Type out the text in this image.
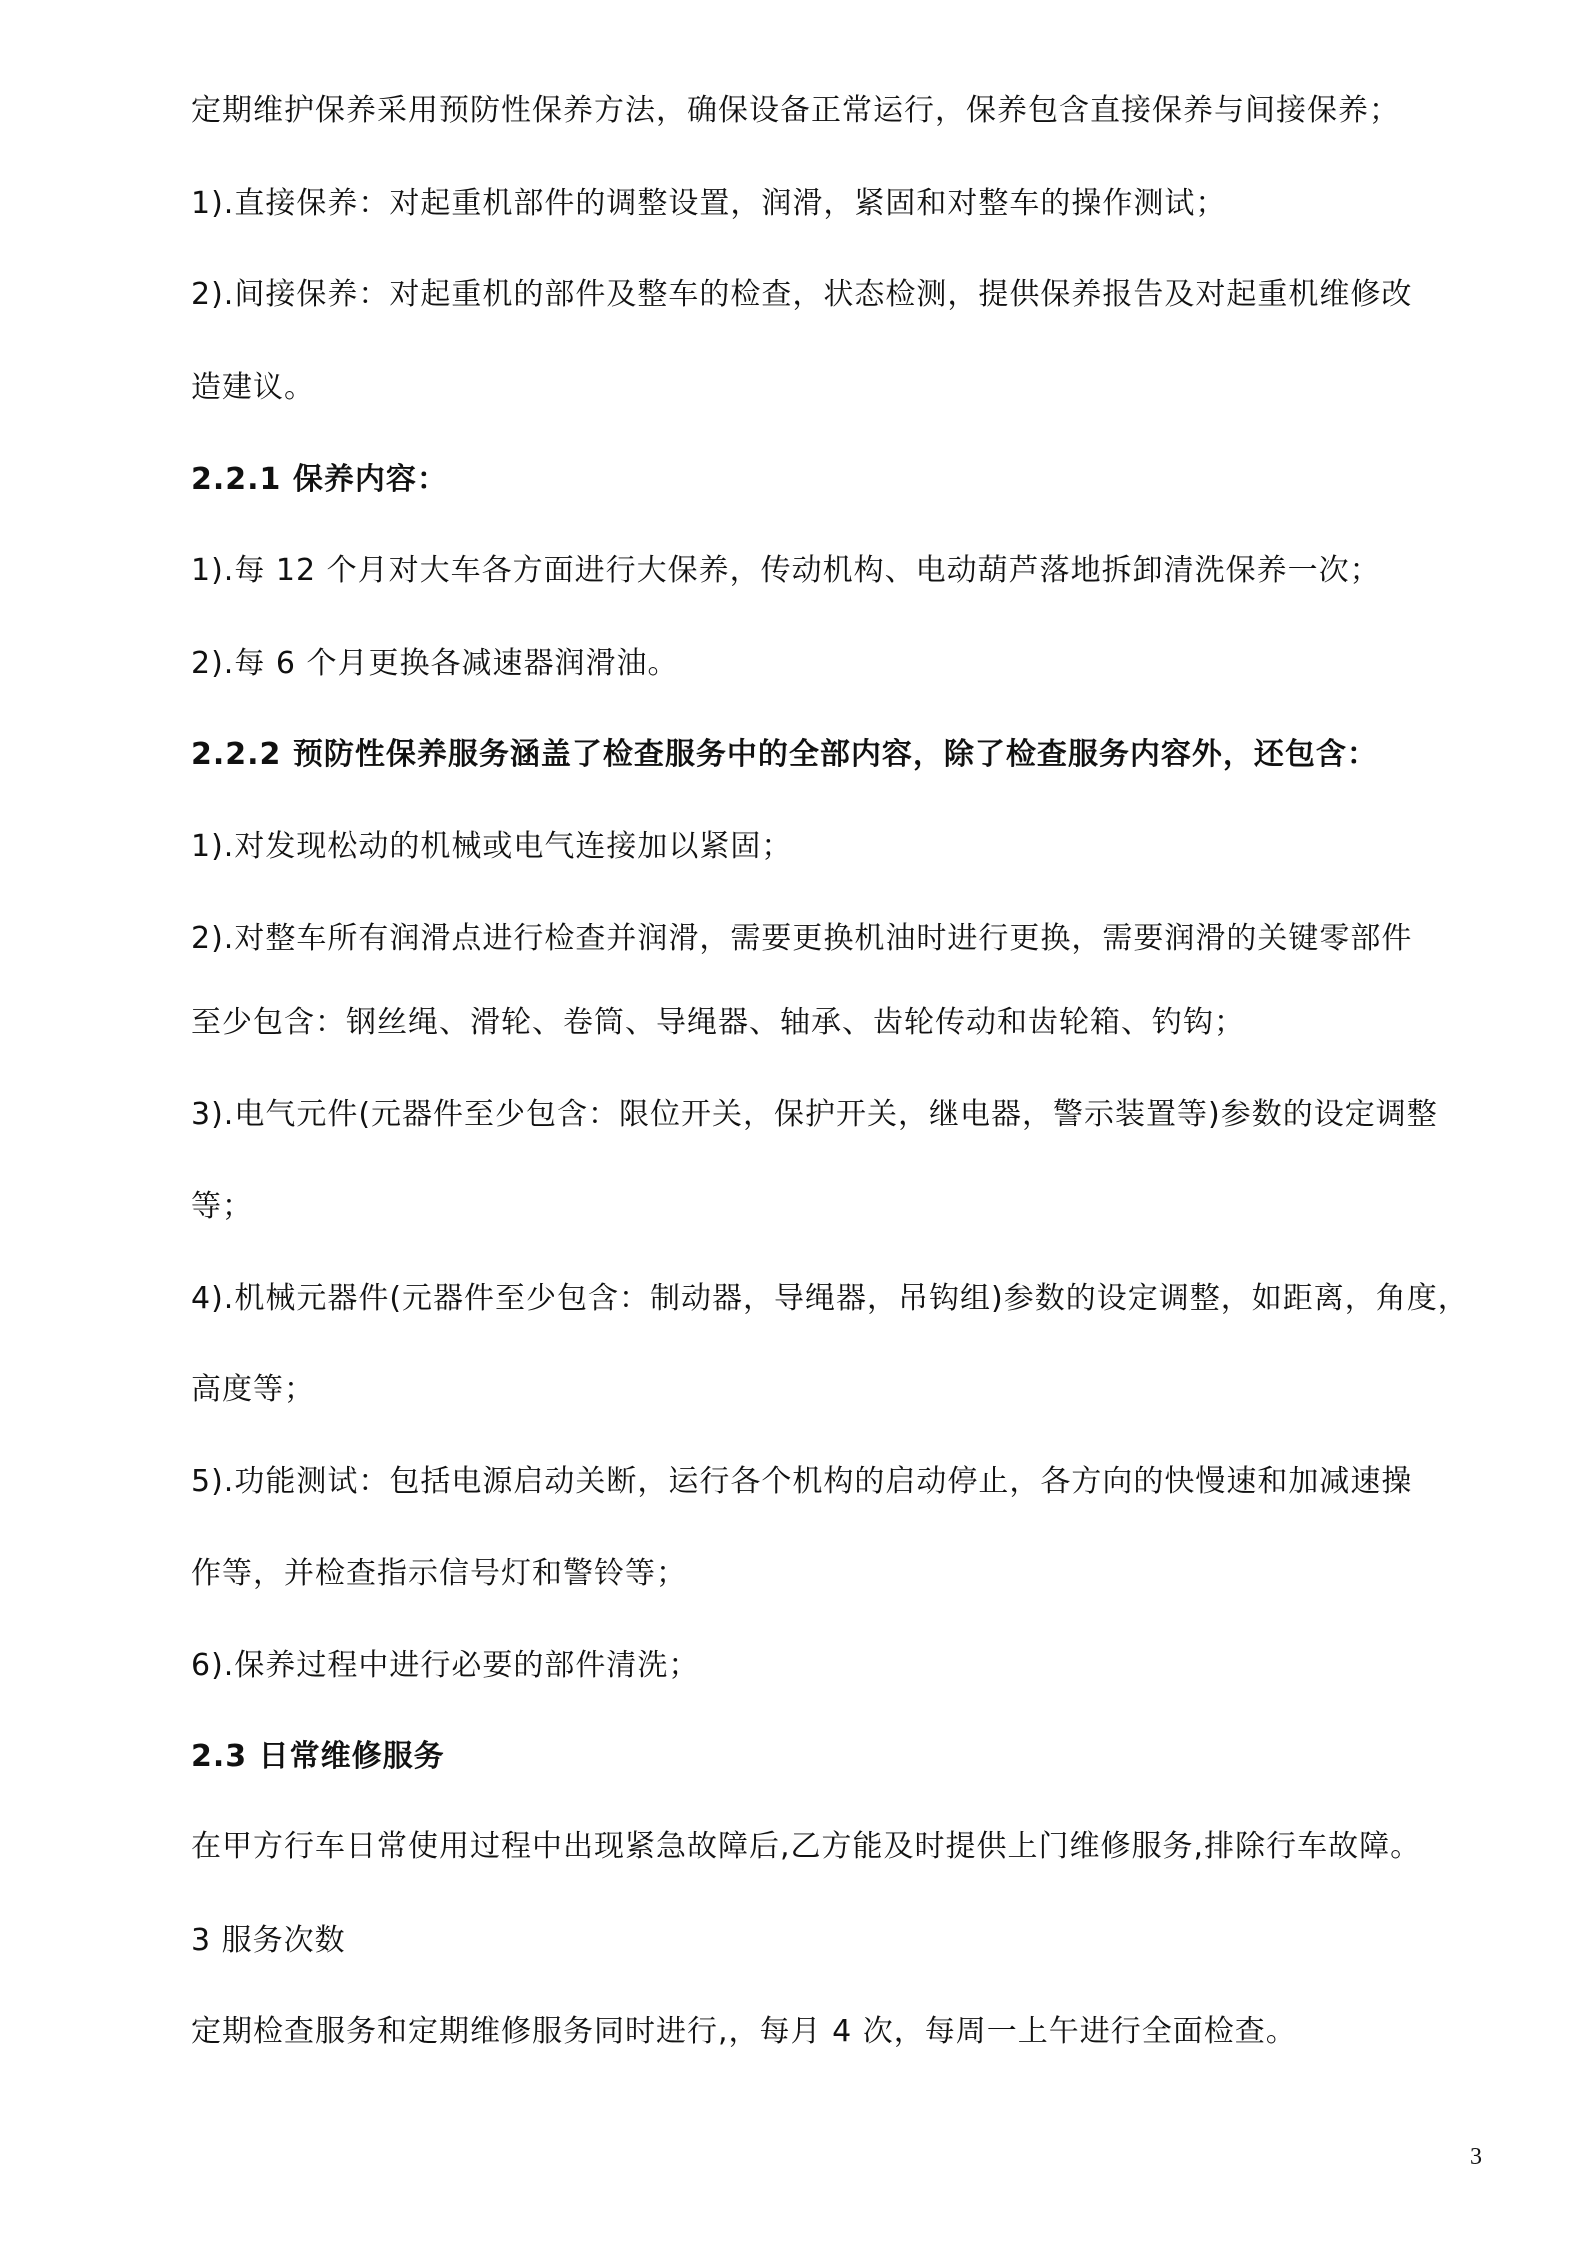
定期维护保养采用预防性保养方法，确保设备正常运行，保养包含直接保养与间接保养；
1).直接保养：对起重机部件的调整设置，润滑，紧固和对整车的操作测试；
2).间接保养：对起重机的部件及整车的检查，状态检测，提供保养报告及对起重机维修改
造建议。
2.2.1 保养内容：
1).每 12 个月对大车各方面进行大保养，传动机构、电动葫芦落地拆卸清洗保养一次；
2).每 6 个月更换各减速器润滑油。
2.2.2 预防性保养服务涵盖了检查服务中的全部内容，除了检查服务内容外，还包含：
1).对发现松动的机械或电气连接加以紧固；
2).对整车所有润滑点进行检查并润滑，需要更换机油时进行更换，需要润滑的关键零部件
至少包含：钢丝绳、滑轮、卷筒、导绳器、轴承、齿轮传动和齿轮箱、钓钩；
3).电气元件(元器件至少包含：限位开关，保护开关，继电器，警示装置等)参数的设定调整
等；
4).机械元器件(元器件至少包含：制动器，导绳器，吊钩组)参数的设定调整，如距离，角度，
高度等；
5).功能测试：包括电源启动关断，运行各个机构的启动停止，各方向的快慢速和加减速操
作等，并检查指示信号灯和警铃等；
6).保养过程中进行必要的部件清洗；
2.3 日常维修服务
在甲方行车日常使用过程中出现紧急故障后,乙方能及时提供上门维修服务,排除行车故障。
3 服务次数
定期检查服务和定期维修服务同时进行,，每月 4 次，每周一上午进行全面检查。
3
